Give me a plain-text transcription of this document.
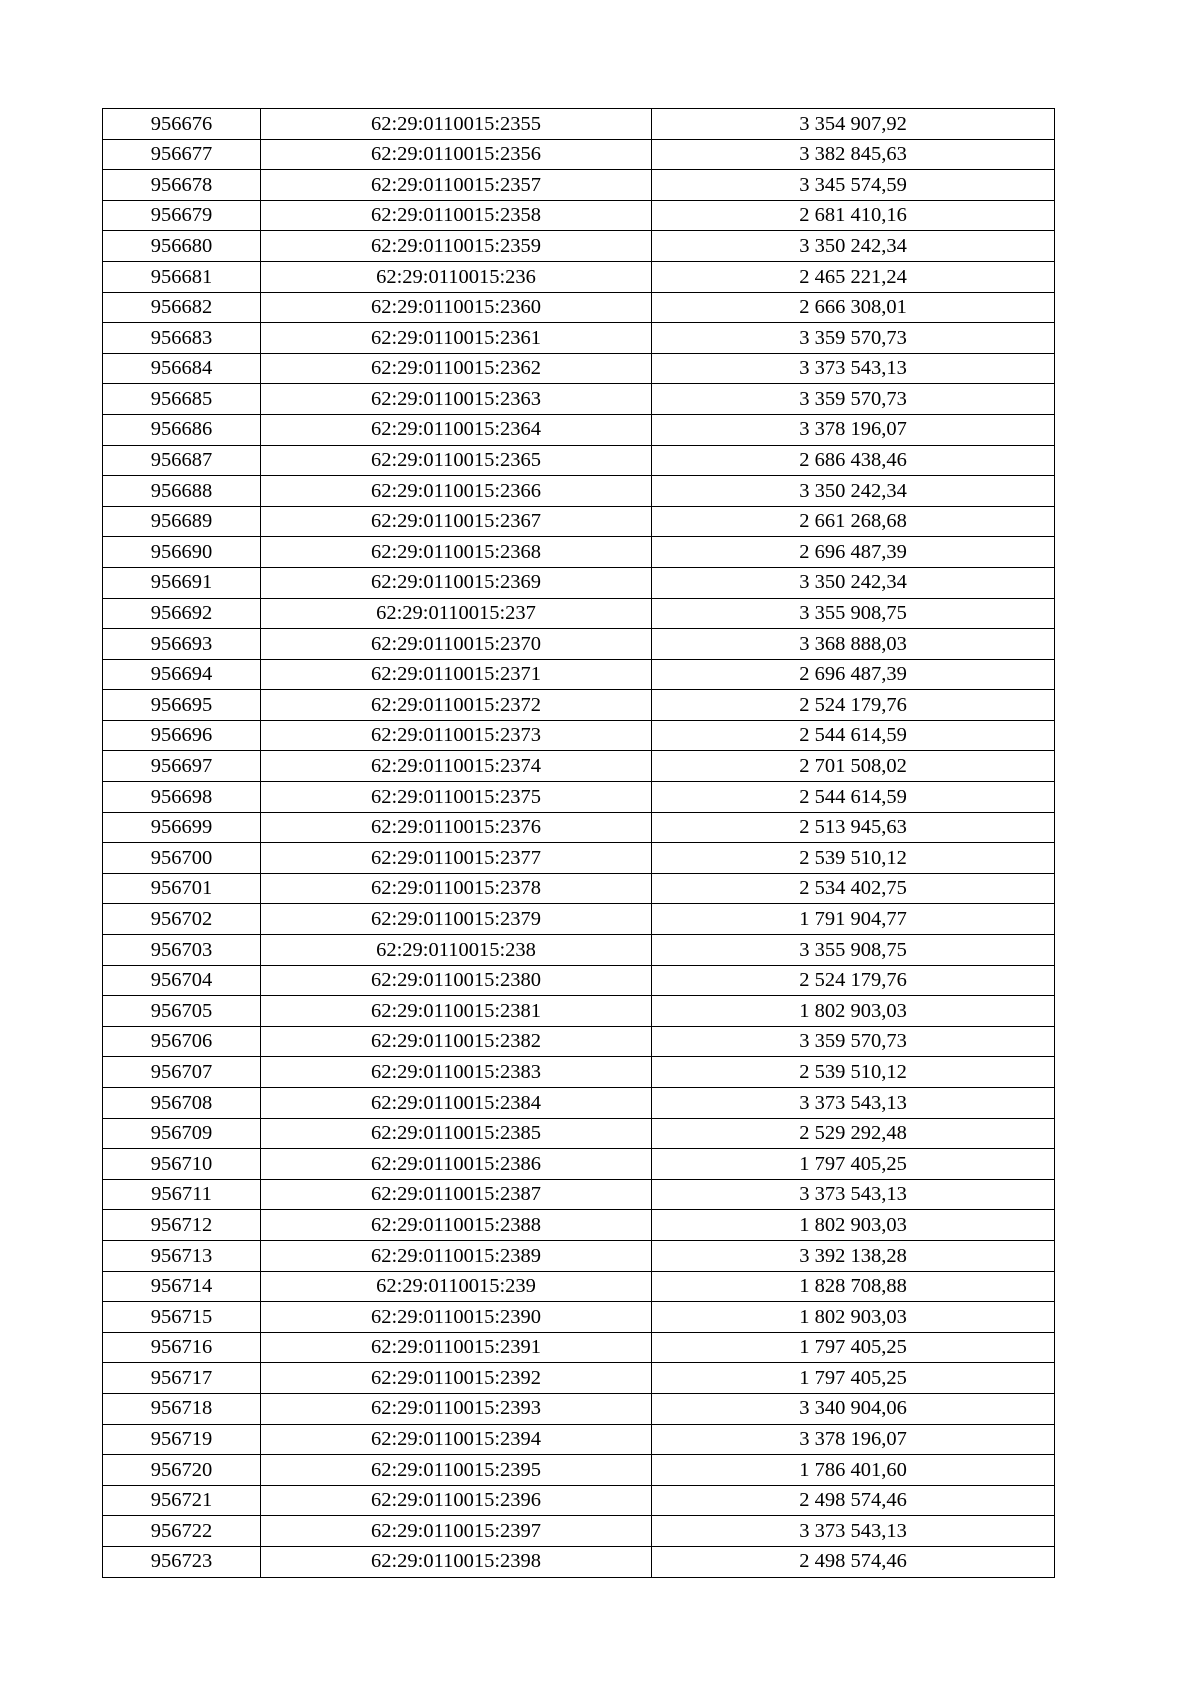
956676	62:29:0110015:2355	3 354 907,92
956677	62:29:0110015:2356	3 382 845,63
956678	62:29:0110015:2357	3 345 574,59
956679	62:29:0110015:2358	2 681 410,16
956680	62:29:0110015:2359	3 350 242,34
956681	62:29:0110015:236	2 465 221,24
956682	62:29:0110015:2360	2 666 308,01
956683	62:29:0110015:2361	3 359 570,73
956684	62:29:0110015:2362	3 373 543,13
956685	62:29:0110015:2363	3 359 570,73
956686	62:29:0110015:2364	3 378 196,07
956687	62:29:0110015:2365	2 686 438,46
956688	62:29:0110015:2366	3 350 242,34
956689	62:29:0110015:2367	2 661 268,68
956690	62:29:0110015:2368	2 696 487,39
956691	62:29:0110015:2369	3 350 242,34
956692	62:29:0110015:237	3 355 908,75
956693	62:29:0110015:2370	3 368 888,03
956694	62:29:0110015:2371	2 696 487,39
956695	62:29:0110015:2372	2 524 179,76
956696	62:29:0110015:2373	2 544 614,59
956697	62:29:0110015:2374	2 701 508,02
956698	62:29:0110015:2375	2 544 614,59
956699	62:29:0110015:2376	2 513 945,63
956700	62:29:0110015:2377	2 539 510,12
956701	62:29:0110015:2378	2 534 402,75
956702	62:29:0110015:2379	1 791 904,77
956703	62:29:0110015:238	3 355 908,75
956704	62:29:0110015:2380	2 524 179,76
956705	62:29:0110015:2381	1 802 903,03
956706	62:29:0110015:2382	3 359 570,73
956707	62:29:0110015:2383	2 539 510,12
956708	62:29:0110015:2384	3 373 543,13
956709	62:29:0110015:2385	2 529 292,48
956710	62:29:0110015:2386	1 797 405,25
956711	62:29:0110015:2387	3 373 543,13
956712	62:29:0110015:2388	1 802 903,03
956713	62:29:0110015:2389	3 392 138,28
956714	62:29:0110015:239	1 828 708,88
956715	62:29:0110015:2390	1 802 903,03
956716	62:29:0110015:2391	1 797 405,25
956717	62:29:0110015:2392	1 797 405,25
956718	62:29:0110015:2393	3 340 904,06
956719	62:29:0110015:2394	3 378 196,07
956720	62:29:0110015:2395	1 786 401,60
956721	62:29:0110015:2396	2 498 574,46
956722	62:29:0110015:2397	3 373 543,13
956723	62:29:0110015:2398	2 498 574,46
